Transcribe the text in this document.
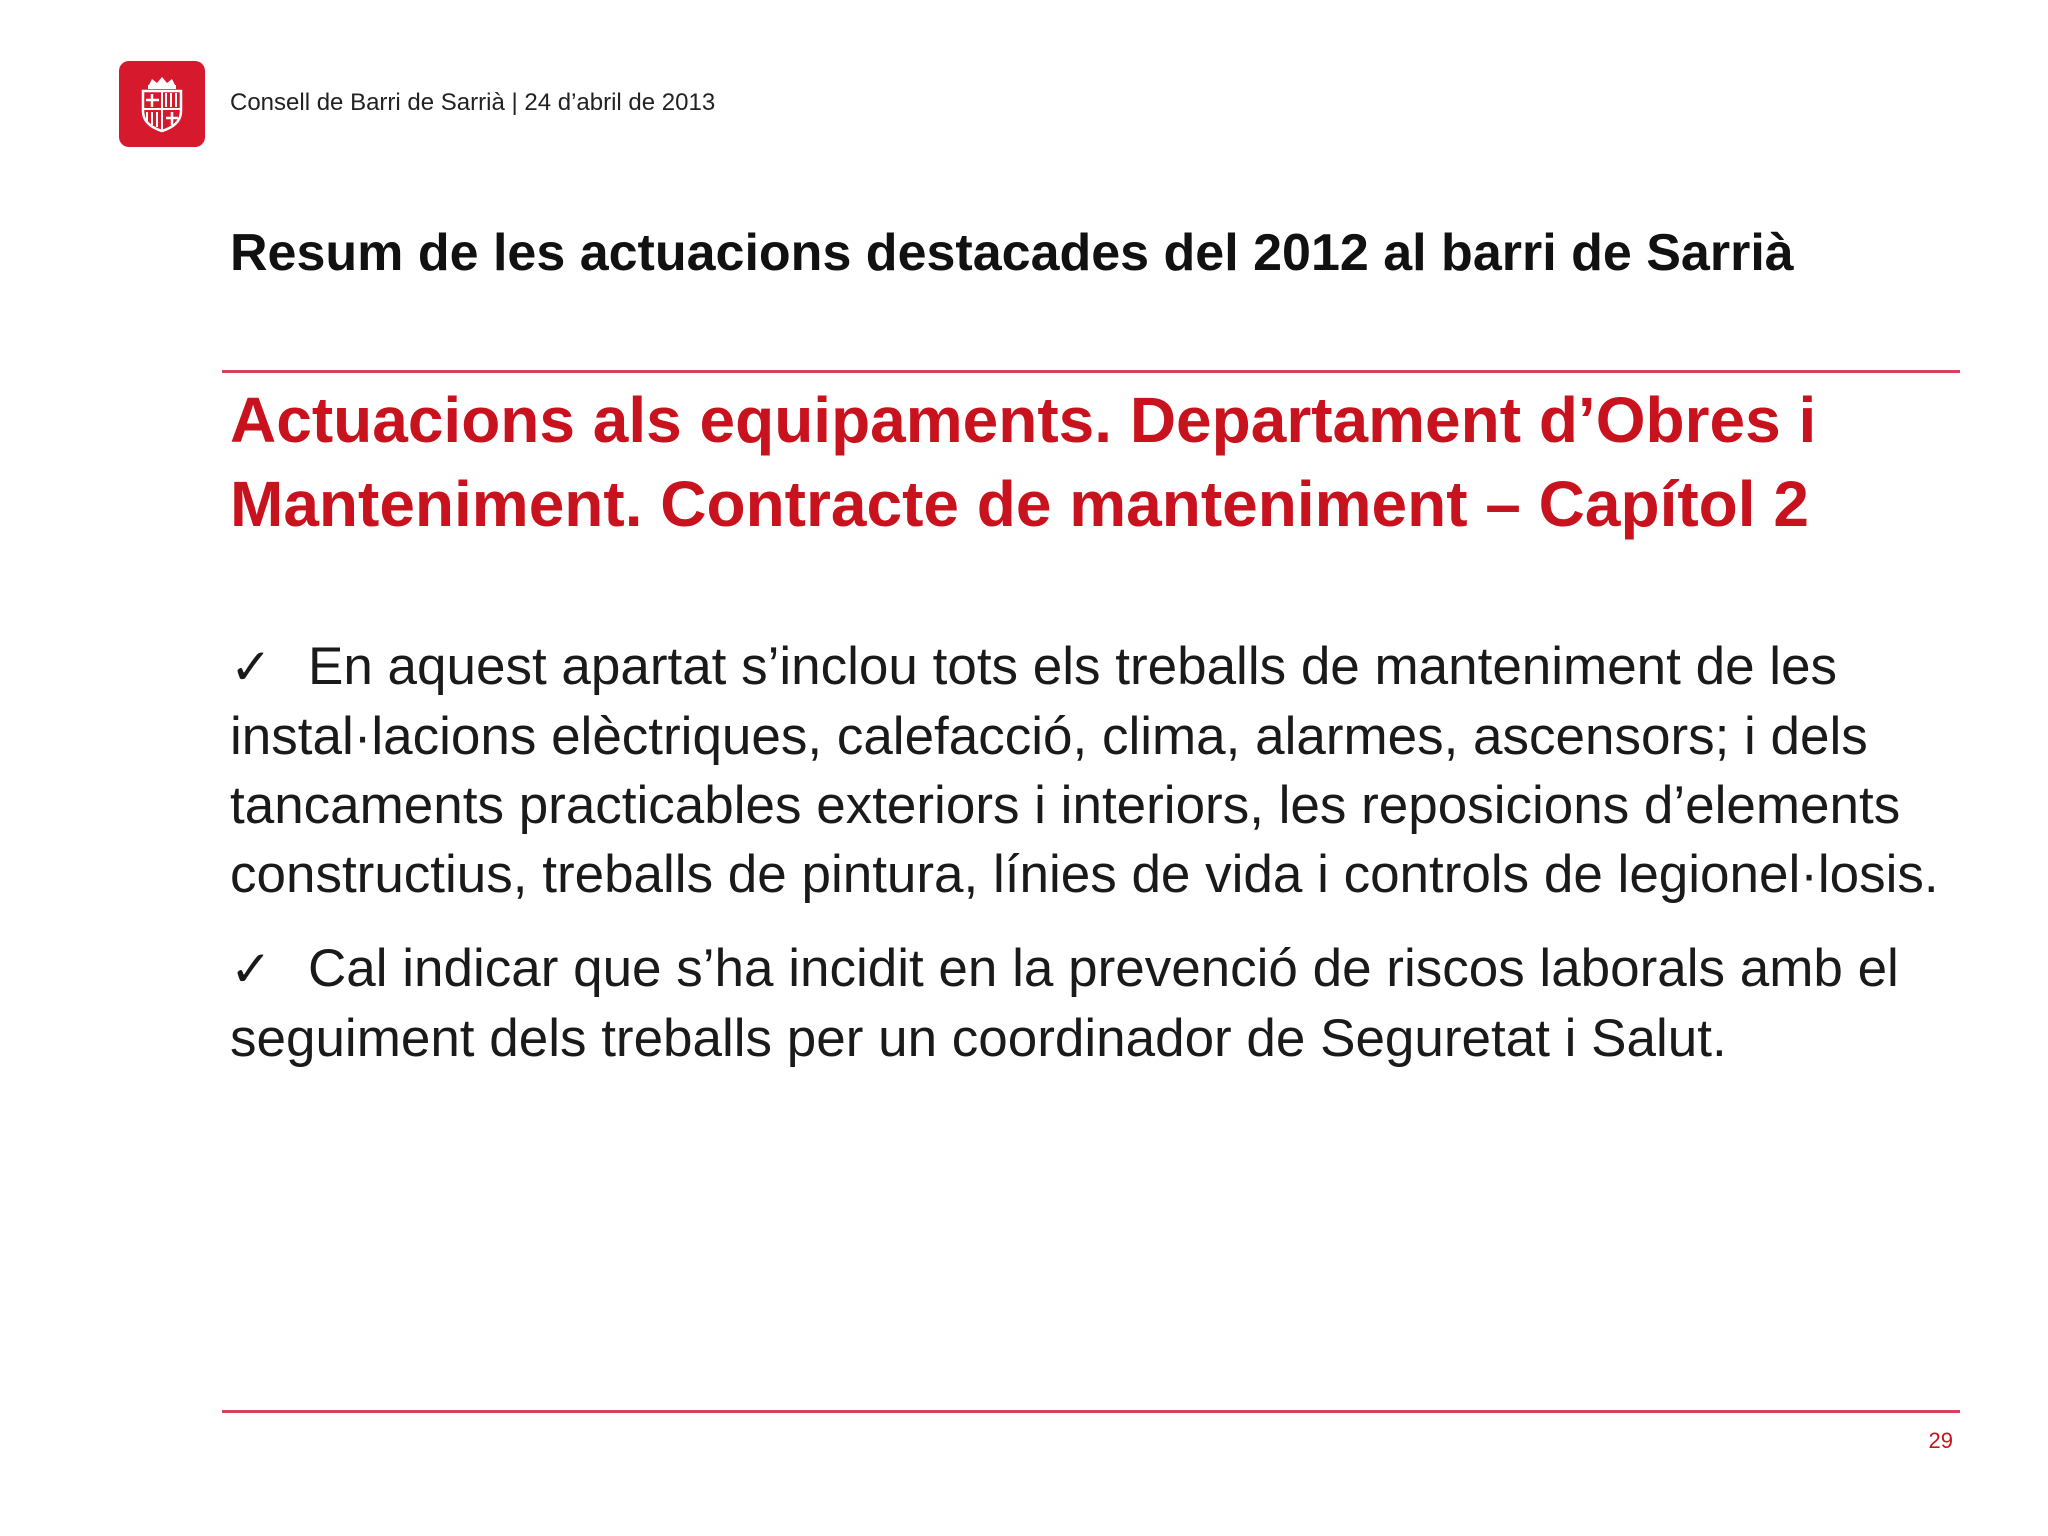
Consell de Barri de Sarrià | 24 d’abril de 2013
Resum de les actuacions destacades del 2012 al barri de Sarrià
Actuacions als equipaments. Departament d’Obres i Manteniment. Contracte de manteniment – Capítol 2
✓ En aquest apartat s’inclou tots els treballs de manteniment de les instal·lacions elèctriques, calefacció, clima, alarmes, ascensors; i dels tancaments practicables exteriors i interiors, les reposicions d’elements constructius, treballs de pintura, línies de vida i controls de legionel·losis.
✓ Cal indicar que s’ha incidit en la prevenció de riscos laborals amb el seguiment dels treballs per un coordinador de Seguretat i Salut.
29
